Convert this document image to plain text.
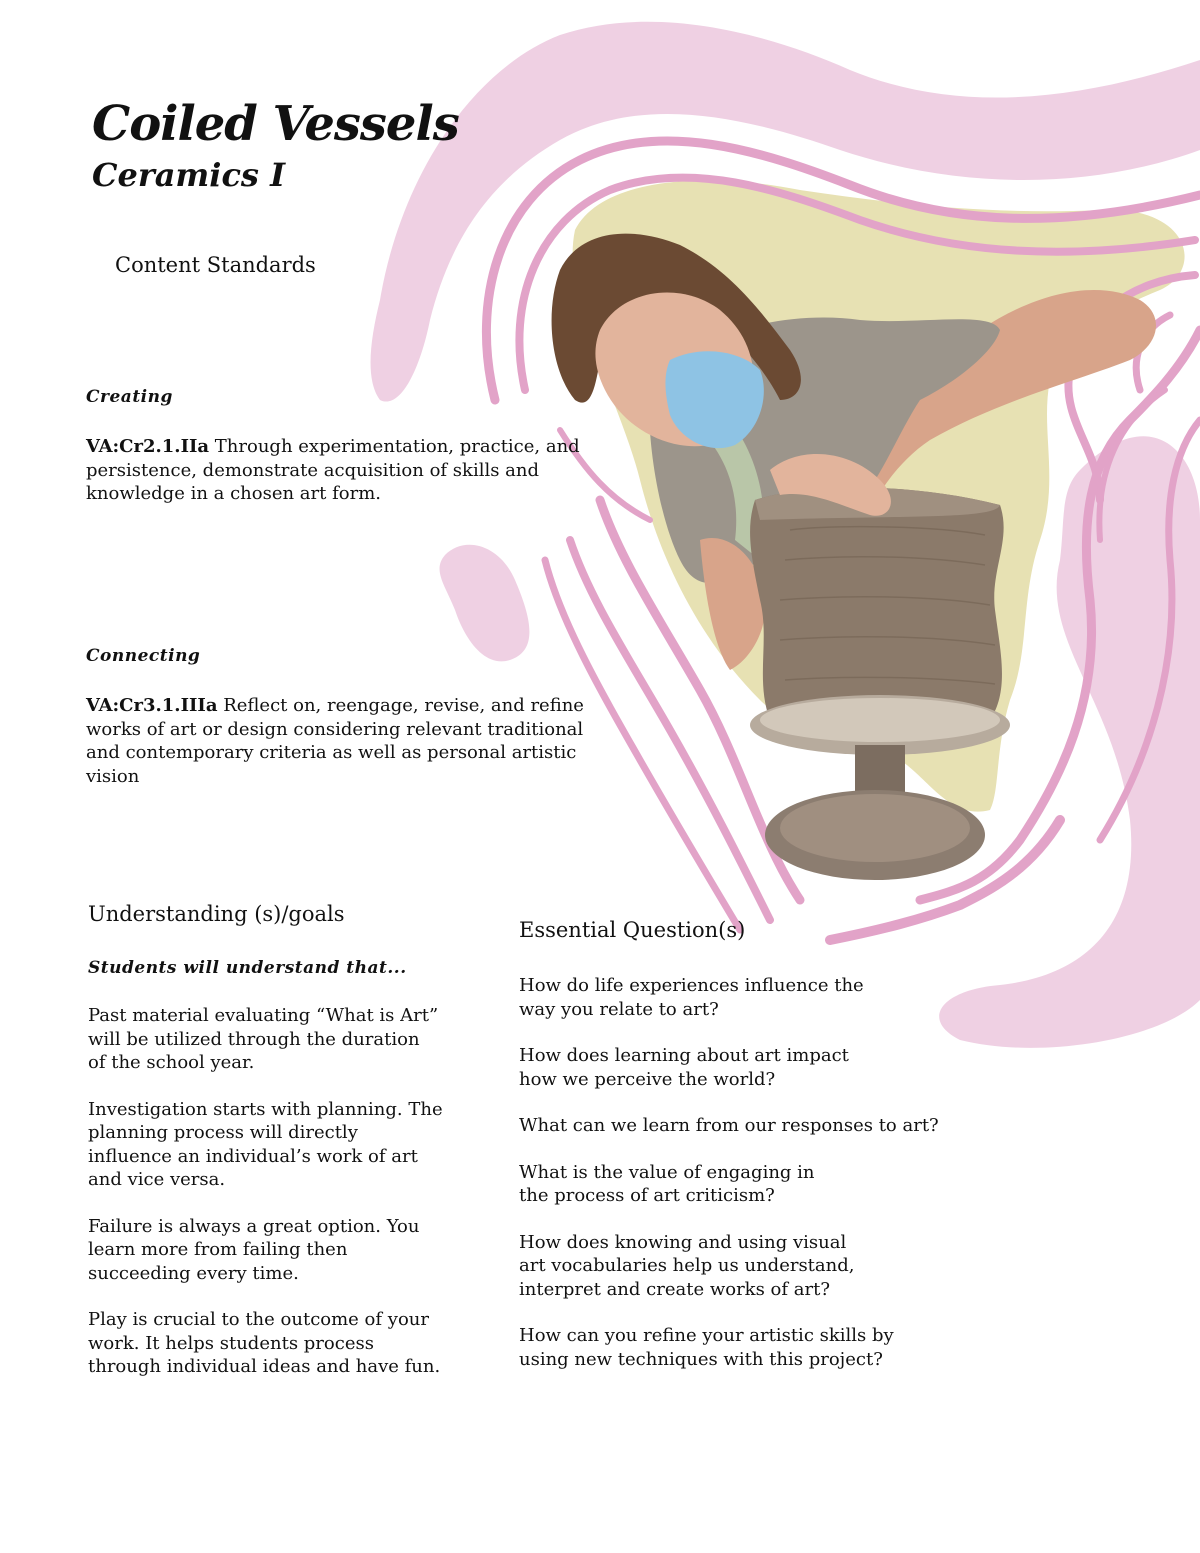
Coiled Vessels
Ceramics I
Content Standards
Creating

VA:Cr2.1.IIa Through experimentation, practice, and persistence, demonstrate acquisition of skills and knowledge in a chosen art form.

Connecting

VA:Cr3.1.IIIa Reflect on, reengage, revise, and refine works of art or design considering relevant traditional and contemporary criteria as well as personal artistic vision

Understanding (s)/goals
Students will understand that...

Past material evaluating “What is Art”
will be utilized through the duration
of the school year.

Investigation starts with planning. The
planning process will directly
influence an individual’s work of art
and vice versa.

Failure is always a great option. You
learn more from failing then
succeeding every time.

Play is crucial to the outcome of your
work. It helps students process
through individual ideas and have fun.

Essential Question(s)

How do life experiences influence the
way you relate to art?

How does learning about art impact
how we perceive the world?

What can we learn from our responses to art?

What is the value of engaging in
the process of art criticism?

How does knowing and using visual
art vocabularies help us understand,
interpret and create works of art?

How can you refine your artistic skills by
using new techniques with this project?
